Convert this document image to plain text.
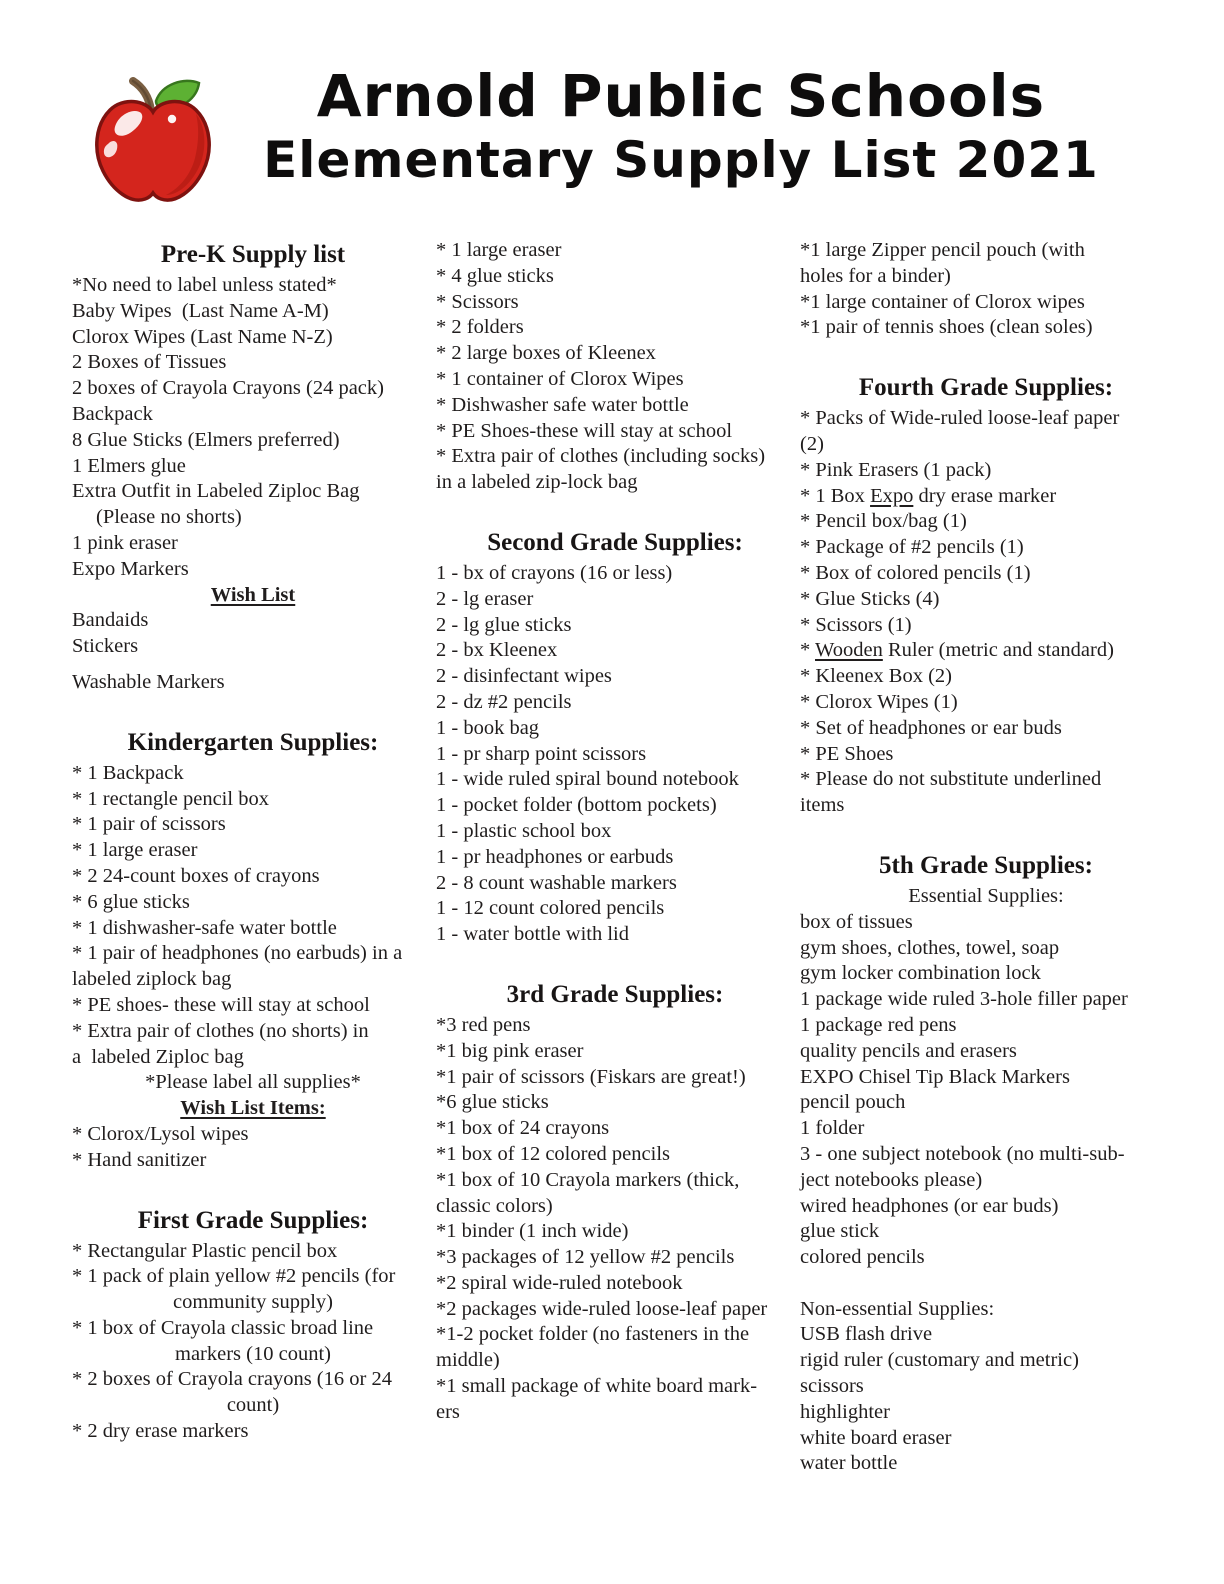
Arnold Public Schools
Elementary Supply List 2021
Pre-K Supply list
*No need to label unless stated*
Baby Wipes  (Last Name A-M)
Clorox Wipes (Last Name N-Z)
2 Boxes of Tissues
2 boxes of Crayola Crayons (24 pack)
Backpack
8 Glue Sticks (Elmers preferred)
1 Elmers glue
Extra Outfit in Labeled Ziploc Bag
(Please no shorts)
1 pink eraser
Expo Markers
Wish List
Bandaids
Stickers
Washable Markers
Kindergarten Supplies:
* 1 Backpack
* 1 rectangle pencil box
* 1 pair of scissors
* 1 large eraser
* 2 24-count boxes of crayons
* 6 glue sticks
* 1 dishwasher-safe water bottle
* 1 pair of headphones (no earbuds) in a
labeled ziplock bag
* PE shoes- these will stay at school
* Extra pair of clothes (no shorts) in
a  labeled Ziploc bag
*Please label all supplies*
Wish List Items:
* Clorox/Lysol wipes
* Hand sanitizer
First Grade Supplies:
* Rectangular Plastic pencil box
* 1 pack of plain yellow #2 pencils (for
community supply)
* 1 box of Crayola classic broad line
markers (10 count)
* 2 boxes of Crayola crayons (16 or 24
count)
* 2 dry erase markers
* 1 large eraser
* 4 glue sticks
* Scissors
* 2 folders
* 2 large boxes of Kleenex
* 1 container of Clorox Wipes
* Dishwasher safe water bottle
* PE Shoes-these will stay at school
* Extra pair of clothes (including socks)
in a labeled zip-lock bag
Second Grade Supplies:
1 - bx of crayons (16 or less)
2 - lg eraser
2 - lg glue sticks
2 - bx Kleenex
2 - disinfectant wipes
2 - dz #2 pencils
1 - book bag
1 - pr sharp point scissors
1 - wide ruled spiral bound notebook
1 - pocket folder (bottom pockets)
1 - plastic school box
1 - pr headphones or earbuds
2 - 8 count washable markers
1 - 12 count colored pencils
1 - water bottle with lid
3rd Grade Supplies:
*3 red pens
*1 big pink eraser
*1 pair of scissors (Fiskars are great!)
*6 glue sticks
*1 box of 24 crayons
*1 box of 12 colored pencils
*1 box of 10 Crayola markers (thick,
classic colors)
*1 binder (1 inch wide)
*3 packages of 12 yellow #2 pencils
*2 spiral wide-ruled notebook
*2 packages wide-ruled loose-leaf paper
*1-2 pocket folder (no fasteners in the
middle)
*1 small package of white board mark-
ers
*1 large Zipper pencil pouch (with
holes for a binder)
*1 large container of Clorox wipes
*1 pair of tennis shoes (clean soles)
Fourth Grade Supplies:
* Packs of Wide-ruled loose-leaf paper
(2)
* Pink Erasers (1 pack)
* 1 Box Expo dry erase marker
* Pencil box/bag (1)
* Package of #2 pencils (1)
* Box of colored pencils (1)
* Glue Sticks (4)
* Scissors (1)
* Wooden Ruler (metric and standard)
* Kleenex Box (2)
* Clorox Wipes (1)
* Set of headphones or ear buds
* PE Shoes
* Please do not substitute underlined
items
5th Grade Supplies:
Essential Supplies:
box of tissues
gym shoes, clothes, towel, soap
gym locker combination lock
1 package wide ruled 3-hole filler paper
1 package red pens
quality pencils and erasers
EXPO Chisel Tip Black Markers
pencil pouch
1 folder
3 - one subject notebook (no multi-sub-
ject notebooks please)
wired headphones (or ear buds)
glue stick
colored pencils

Non-essential Supplies:
USB flash drive
rigid ruler (customary and metric)
scissors
highlighter
white board eraser
water bottle
